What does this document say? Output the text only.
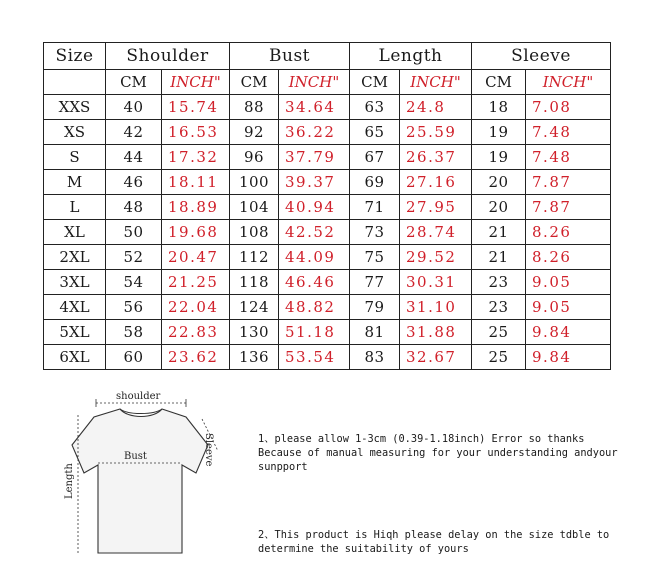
Size	Shoulder		Bust		Length		Sleeve	
	CM	INCH"	CM	INCH"	CM	INCH"	CM	INCH"
XXS	40	15.74	88	34.64	63	24.8	18	7.08
XS	42	16.53	92	36.22	65	25.59	19	7.48
S	44	17.32	96	37.79	67	26.37	19	7.48
M	46	18.11	100	39.37	69	27.16	20	7.87
L	48	18.89	104	40.94	71	27.95	20	7.87
XL	50	19.68	108	42.52	73	28.74	21	8.26
2XL	52	20.47	112	44.09	75	29.52	21	8.26
3XL	54	21.25	118	46.46	77	30.31	23	9.05
4XL	56	22.04	124	48.82	79	31.10	23	9.05
5XL	58	22.83	130	51.18	81	31.88	25	9.84
6XL	60	23.62	136	53.54	83	32.67	25	9.84
shoulder
Bust
Length
Sleeve	1、please allow 1-3cm (0.39-1.18inch) Error so thanks
Because of manual measuring for your understanding andyour
sunpport
2、This product is Hiqh please delay on the size tdble to
determine the suitability of yours
